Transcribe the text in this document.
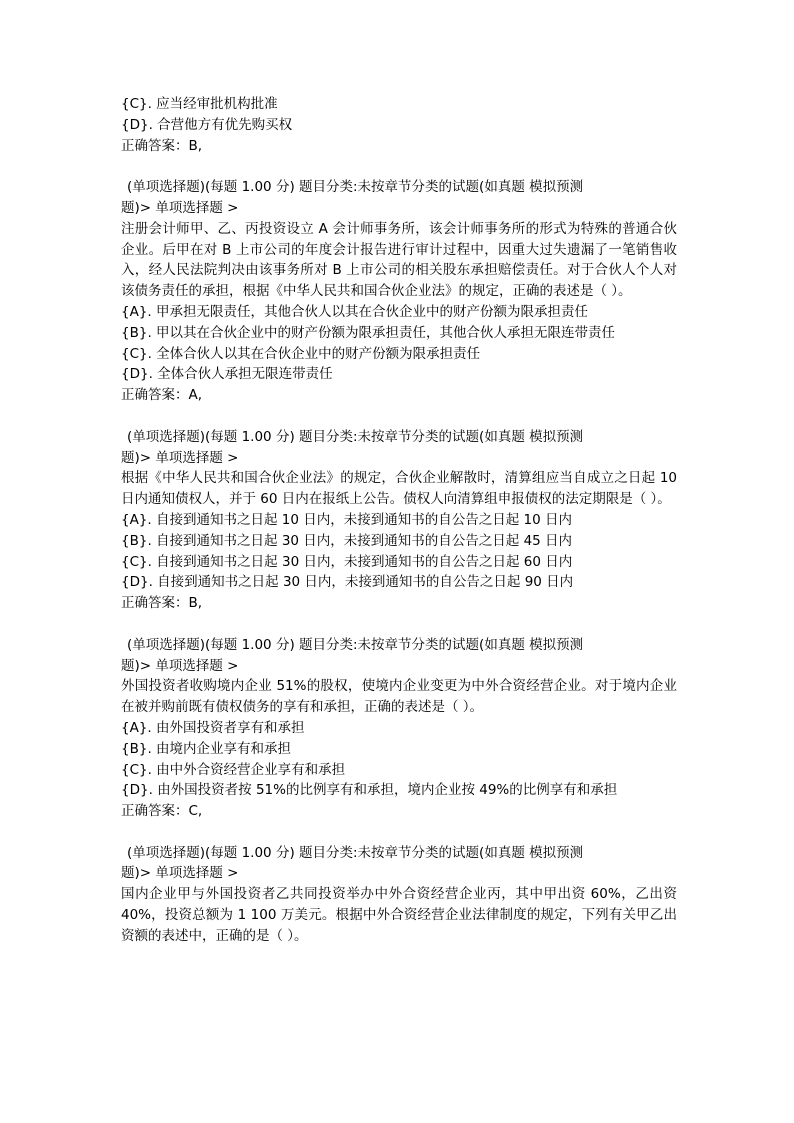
{C}. 应当经审批机构批准
{D}. 合营他方有优先购买权
正确答案：B,
(单项选择题)(每题 1.00 分) 题目分类:未按章节分类的试题(如真题 模拟预测
题)> 单项选择题 >
注册会计师甲、乙、丙投资设立 A 会计师事务所，该会计师事务所的形式为特殊的普通合伙企业。后甲在对 B 上市公司的年度会计报告进行审计过程中，因重大过失遗漏了一笔销售收入，经人民法院判决由该事务所对 B 上市公司的相关股东承担赔偿责任。对于合伙人个人对该债务责任的承担，根据《中华人民共和国合伙企业法》的规定，正确的表述是（ ）。
{A}. 甲承担无限责任，其他合伙人以其在合伙企业中的财产份额为限承担责任
{B}. 甲以其在合伙企业中的财产份额为限承担责任，其他合伙人承担无限连带责任
{C}. 全体合伙人以其在合伙企业中的财产份额为限承担责任
{D}. 全体合伙人承担无限连带责任
正确答案：A,
(单项选择题)(每题 1.00 分) 题目分类:未按章节分类的试题(如真题 模拟预测
题)> 单项选择题 >
根据《中华人民共和国合伙企业法》的规定，合伙企业解散时，清算组应当自成立之日起 10 日内通知债权人，并于 60 日内在报纸上公告。债权人向清算组申报债权的法定期限是（ ）。
{A}. 自接到通知书之日起 10 日内，未接到通知书的自公告之日起 10 日内
{B}. 自接到通知书之日起 30 日内，未接到通知书的自公告之日起 45 日内
{C}. 自接到通知书之日起 30 日内，未接到通知书的自公告之日起 60 日内
{D}. 自接到通知书之日起 30 日内，未接到通知书的自公告之日起 90 日内
正确答案：B,
(单项选择题)(每题 1.00 分) 题目分类:未按章节分类的试题(如真题 模拟预测
题)> 单项选择题 >
外国投资者收购境内企业 51%的股权，使境内企业变更为中外合资经营企业。对于境内企业在被并购前既有债权债务的享有和承担，正确的表述是（ ）。
{A}. 由外国投资者享有和承担
{B}. 由境内企业享有和承担
{C}. 由中外合资经营企业享有和承担
{D}. 由外国投资者按 51%的比例享有和承担，境内企业按 49%的比例享有和承担
正确答案：C,
(单项选择题)(每题 1.00 分) 题目分类:未按章节分类的试题(如真题 模拟预测
题)> 单项选择题 >
国内企业甲与外国投资者乙共同投资举办中外合资经营企业丙，其中甲出资 60%，乙出资 40%，投资总额为 1 100 万美元。根据中外合资经营企业法律制度的规定，下列有关甲乙出资额的表述中，正确的是（ ）。
